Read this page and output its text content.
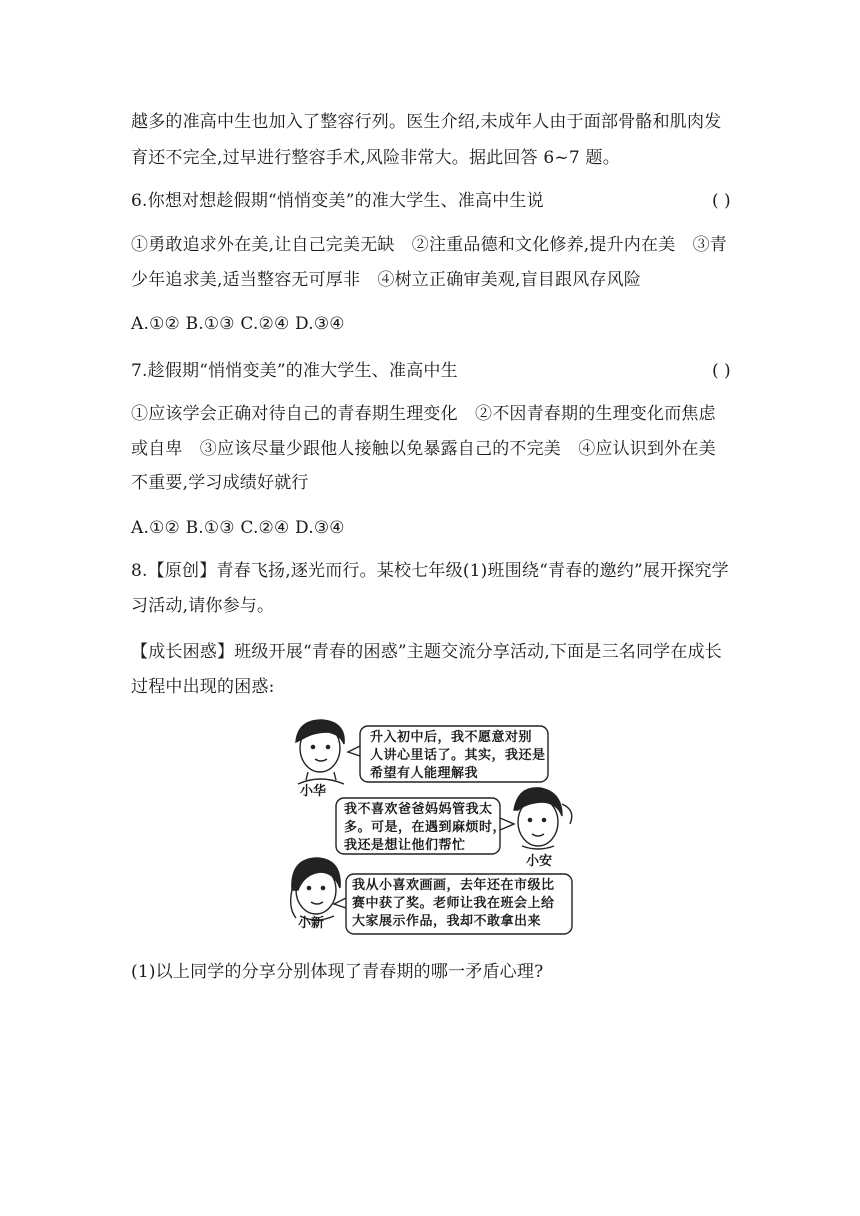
越多的准高中生也加入了整容行列。医生介绍,未成年人由于面部骨骼和肌肉发
育还不完全,过早进行整容手术,风险非常大。据此回答 6~7 题。
6.你想对想趁假期“悄悄变美”的准大学生、准高中生说	( )
①勇敢追求外在美,让自己完美无缺　②注重品德和文化修养,提升内在美　③青
少年追求美,适当整容无可厚非　④树立正确审美观,盲目跟风存风险
A.①② B.①③ C.②④ D.③④
7.趁假期“悄悄变美”的准大学生、准高中生	( )
①应该学会正确对待自己的青春期生理变化　②不因青春期的生理变化而焦虑
或自卑　③应该尽量少跟他人接触以免暴露自己的不完美　④应认识到外在美
不重要,学习成绩好就行
A.①② B.①③ C.②④ D.③④
8.【原创】青春飞扬,逐光而行。某校七年级(1)班围绕“青春的邀约”展开探究学
习活动,请你参与。
【成长困惑】班级开展“青春的困惑”主题交流分享活动,下面是三名同学在成长
过程中出现的困惑:
小华
升入初中后，我不愿意对别
人讲心里话了。其实，我还是
希望有人能理解我
小安
我不喜欢爸爸妈妈管我太
多。可是，在遇到麻烦时，
我还是想让他们帮忙
小新
我从小喜欢画画，去年还在市级比
赛中获了奖。老师让我在班会上给
大家展示作品，我却不敢拿出来
(1)以上同学的分享分别体现了青春期的哪一矛盾心理?
